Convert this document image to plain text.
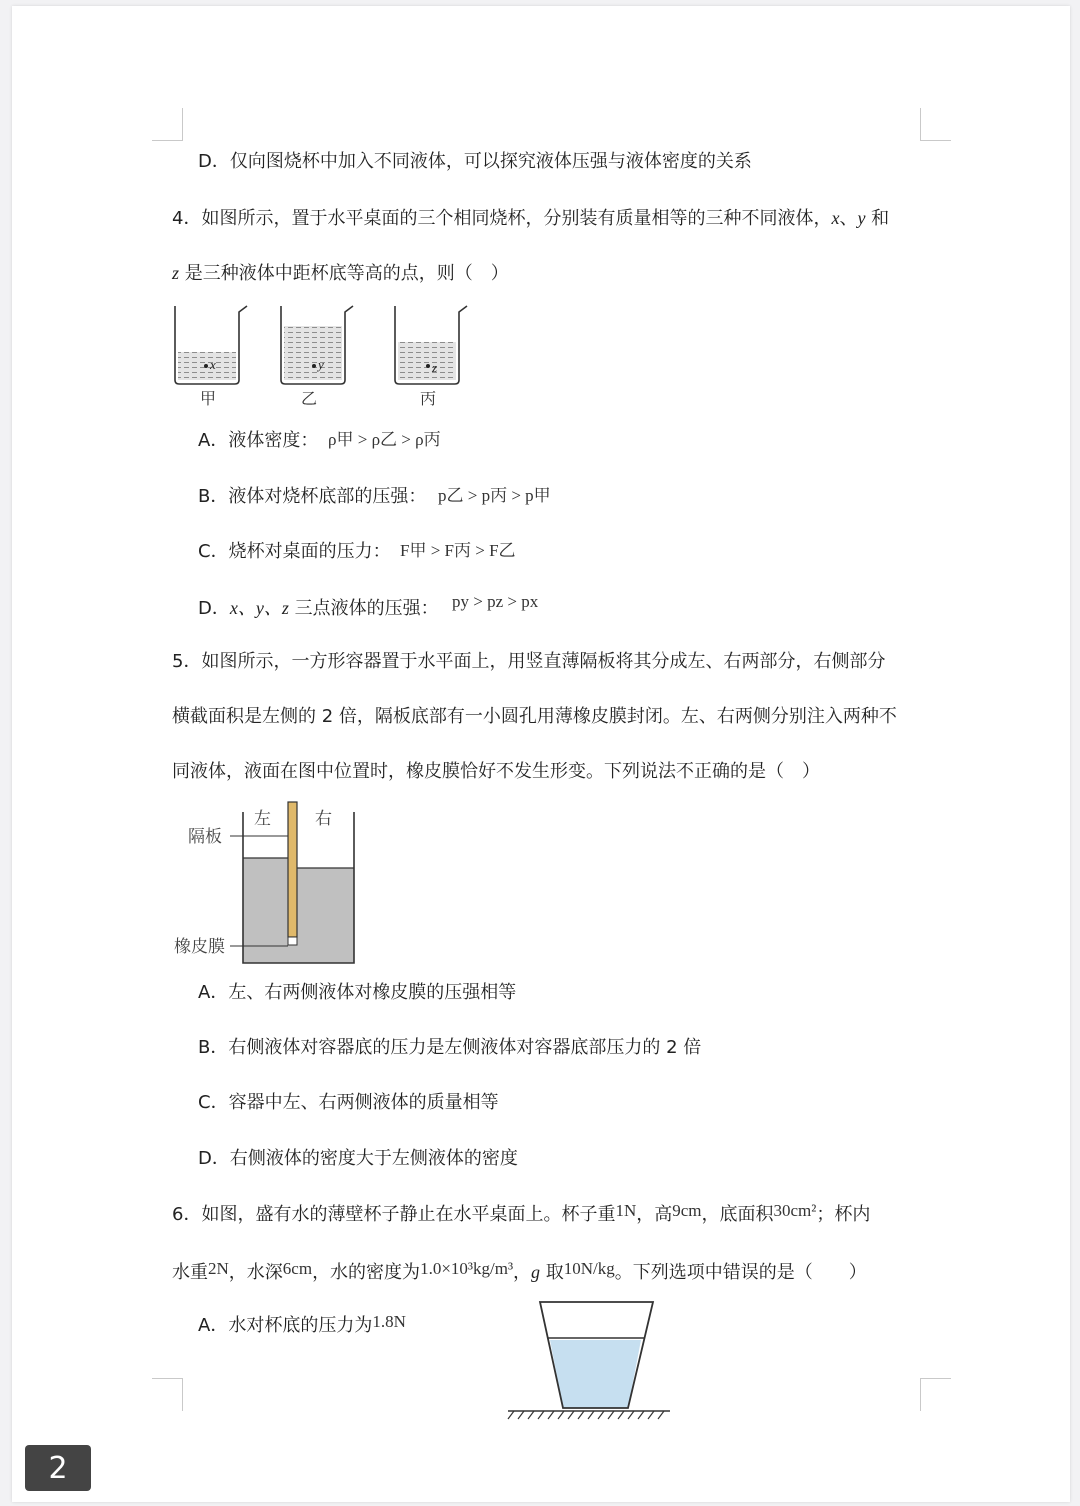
D．仅向图烧杯中加入不同液体，可以探究液体压强与液体密度的关系
4．如图所示，置于水平桌面的三个相同烧杯，分别装有质量相等的三种不同液体，x、y 和
z 是三种液体中距杯底等高的点，则（　）
x
甲
y
乙
z
丙
A．液体密度： ρ甲 > ρ乙 > ρ丙
B．液体对烧杯底部的压强： p乙 > p丙 > p甲
C．烧杯对桌面的压力： F甲 > F丙 > F乙
D．x、y、z 三点液体的压强： py > pz > px
5．如图所示，一方形容器置于水平面上，用竖直薄隔板将其分成左、右两部分，右侧部分
横截面积是左侧的 2 倍，隔板底部有一小圆孔用薄橡皮膜封闭。左、右两侧分别注入两种不
同液体，液面在图中位置时，橡皮膜恰好不发生形变。下列说法不正确的是（　）
左	右
隔板
橡皮膜
A．左、右两侧液体对橡皮膜的压强相等
B．右侧液体对容器底的压力是左侧液体对容器底部压力的 2 倍
C．容器中左、右两侧液体的质量相等
D．右侧液体的密度大于左侧液体的密度
6．如图，盛有水的薄壁杯子静止在水平桌面上。杯子重1N，高9cm，底面积30cm²；杯内
水重2N，水深6cm，水的密度为1.0×10³kg/m³，g 取10N/kg。下列选项中错误的是（　　）
A．水对杯底的压力为1.8N
2
